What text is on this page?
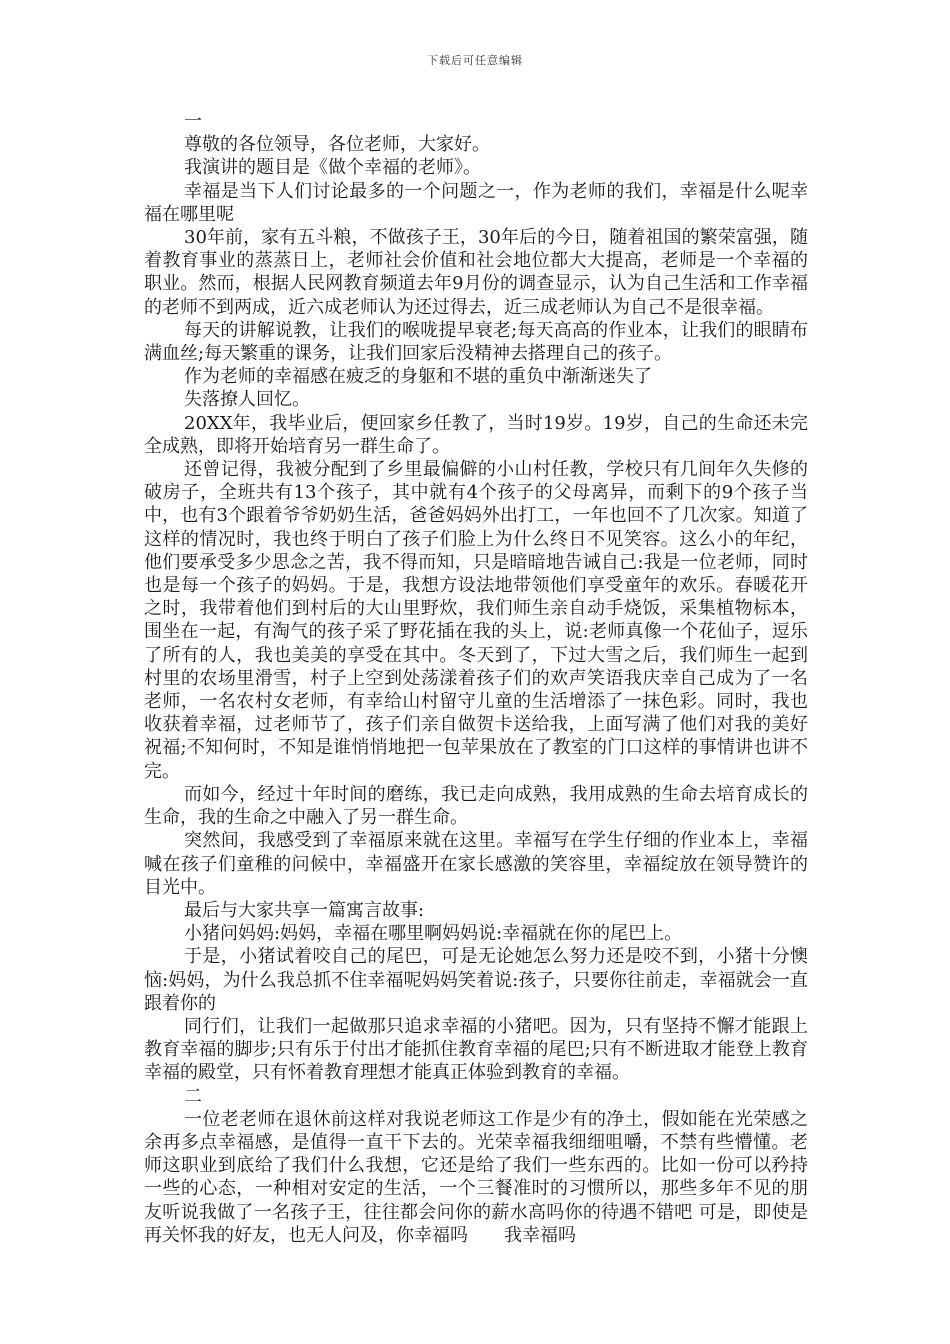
下载后可任意编辑

一

尊敬的各位领导，各位老师，大家好。

我演讲的题目是《做个幸福的老师》。

幸福是当下人们讨论最多的一个问题之一，作为老师的我们，幸福是什么呢幸福在哪里呢

30年前，家有五斗粮，不做孩子王，30年后的今日，随着祖国的繁荣富强，随着教育事业的蒸蒸日上，老师社会价值和社会地位都大大提高，老师是一个幸福的职业。然而，根据人民网教育频道去年9月份的调查显示，认为自己生活和工作幸福的老师不到两成，近六成老师认为还过得去，近三成老师认为自己不是很幸福。

每天的讲解说教，让我们的喉咙提早衰老;每天高高的作业本，让我们的眼睛布满血丝;每天繁重的课务，让我们回家后没精神去搭理自己的孩子。

作为老师的幸福感在疲乏的身躯和不堪的重负中渐渐迷失了

失落撩人回忆。

20XX年，我毕业后，便回家乡任教了，当时19岁。19岁，自己的生命还未完全成熟，即将开始培育另一群生命了。

还曾记得，我被分配到了乡里最偏僻的小山村任教，学校只有几间年久失修的破房子，全班共有13个孩子，其中就有4个孩子的父母离异，而剩下的9个孩子当中，也有3个跟着爷爷奶奶生活，爸爸妈妈外出打工，一年也回不了几次家。知道了这样的情况时，我也终于明白了孩子们脸上为什么终日不见笑容。这么小的年纪，他们要承受多少思念之苦，我不得而知，只是暗暗地告诫自己:我是一位老师，同时也是每一个孩子的妈妈。于是，我想方设法地带领他们享受童年的欢乐。春暖花开之时，我带着他们到村后的大山里野炊，我们师生亲自动手烧饭，采集植物标本，围坐在一起，有淘气的孩子采了野花插在我的头上，说:老师真像一个花仙子，逗乐了所有的人，我也美美的享受在其中。冬天到了，下过大雪之后，我们师生一起到村里的农场里滑雪，村子上空到处荡漾着孩子们的欢声笑语我庆幸自己成为了一名老师，一名农村女老师，有幸给山村留守儿童的生活增添了一抹色彩。同时，我也收获着幸福，过老师节了，孩子们亲自做贺卡送给我，上面写满了他们对我的美好祝福;不知何时，不知是谁悄悄地把一包苹果放在了教室的门口这样的事情讲也讲不完。

而如今，经过十年时间的磨练，我已走向成熟，我用成熟的生命去培育成长的生命，我的生命之中融入了另一群生命。

突然间，我感受到了幸福原来就在这里。幸福写在学生仔细的作业本上，幸福喊在孩子们童稚的问候中，幸福盛开在家长感激的笑容里，幸福绽放在领导赞许的目光中。

最后与大家共享一篇寓言故事:

小猪问妈妈:妈妈，幸福在哪里啊妈妈说:幸福就在你的尾巴上。

于是，小猪试着咬自己的尾巴，可是无论她怎么努力还是咬不到，小猪十分懊恼:妈妈，为什么我总抓不住幸福呢妈妈笑着说:孩子，只要你往前走，幸福就会一直跟着你的

同行们，让我们一起做那只追求幸福的小猪吧。因为，只有坚持不懈才能跟上教育幸福的脚步;只有乐于付出才能抓住教育幸福的尾巴;只有不断进取才能登上教育幸福的殿堂，只有怀着教育理想才能真正体验到教育的幸福。

二

一位老老师在退休前这样对我说老师这工作是少有的净土，假如能在光荣感之余再多点幸福感，是值得一直干下去的。光荣幸福我细细咀嚼，不禁有些懵懂。老师这职业到底给了我们什么我想，它还是给了我们一些东西的。比如一份可以矜持一些的心态，一种相对安定的生活，一个三餐准时的习惯所以，那些多年不见的朋友听说我做了一名孩子王，往往都会问你的薪水高吗你的待遇不错吧 可是，即使是再关怀我的好友，也无人问及，你幸福吗　　我幸福吗
